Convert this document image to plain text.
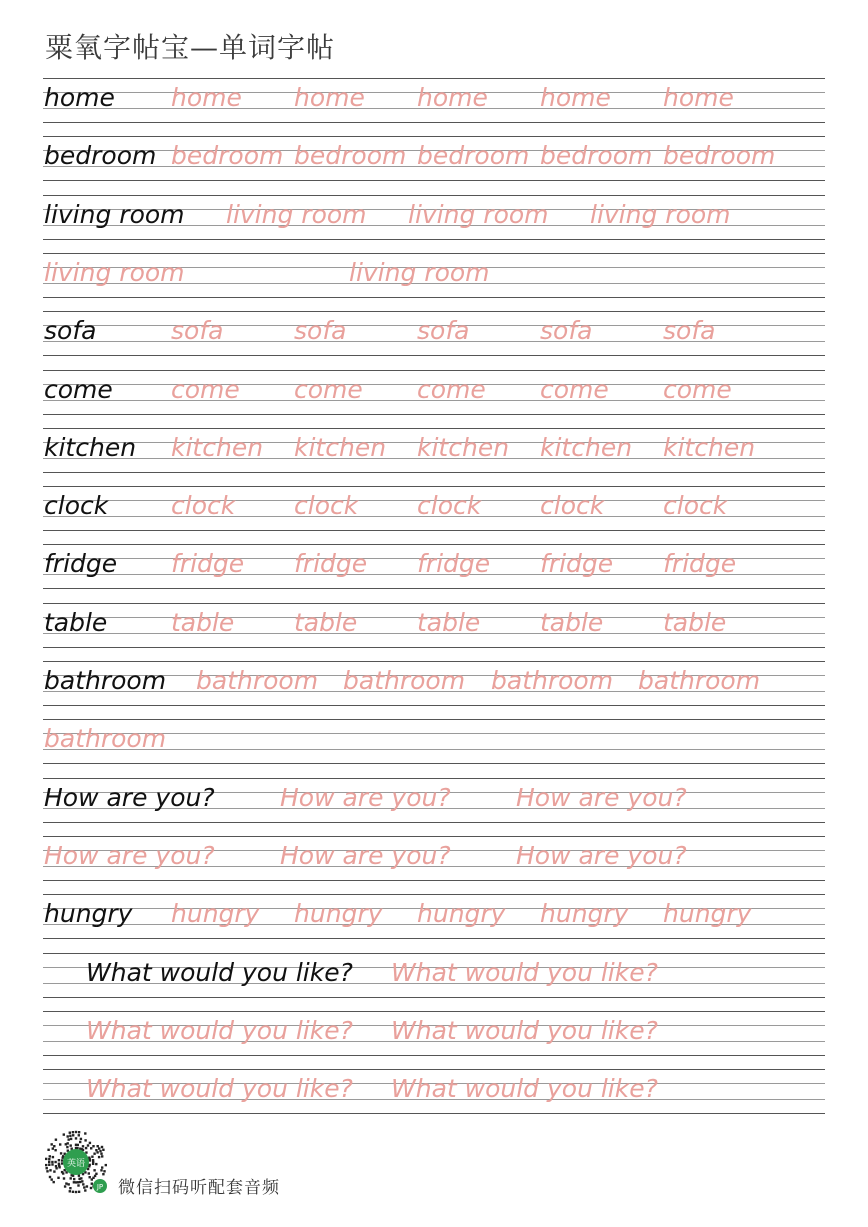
粟氧字帖宝—单词字帖
home home home home home home
bedroom bedroom bedroom bedroom bedroom bedroom
living room living room living room living room
living room	living room
sofa	sofa	sofa	sofa	sofa	sofa
come come come come come come
kitchen kitchen kitchen kitchen kitchen kitchen
clock	clock clock clock clock clock
fridge fridge fridge fridge fridge fridge
table	table table table table table
bathroom bathroom bathroom bathroom bathroom
bathroom
How are you?	How are you?	How are you?
How are you?	How are you?	How are you?
hungry hungry hungry hungry hungry hungry
What would you like? What would you like?
What would you like? What would you like?
What would you like? What would you like?
英语
JP 微信扫码听配套音频
